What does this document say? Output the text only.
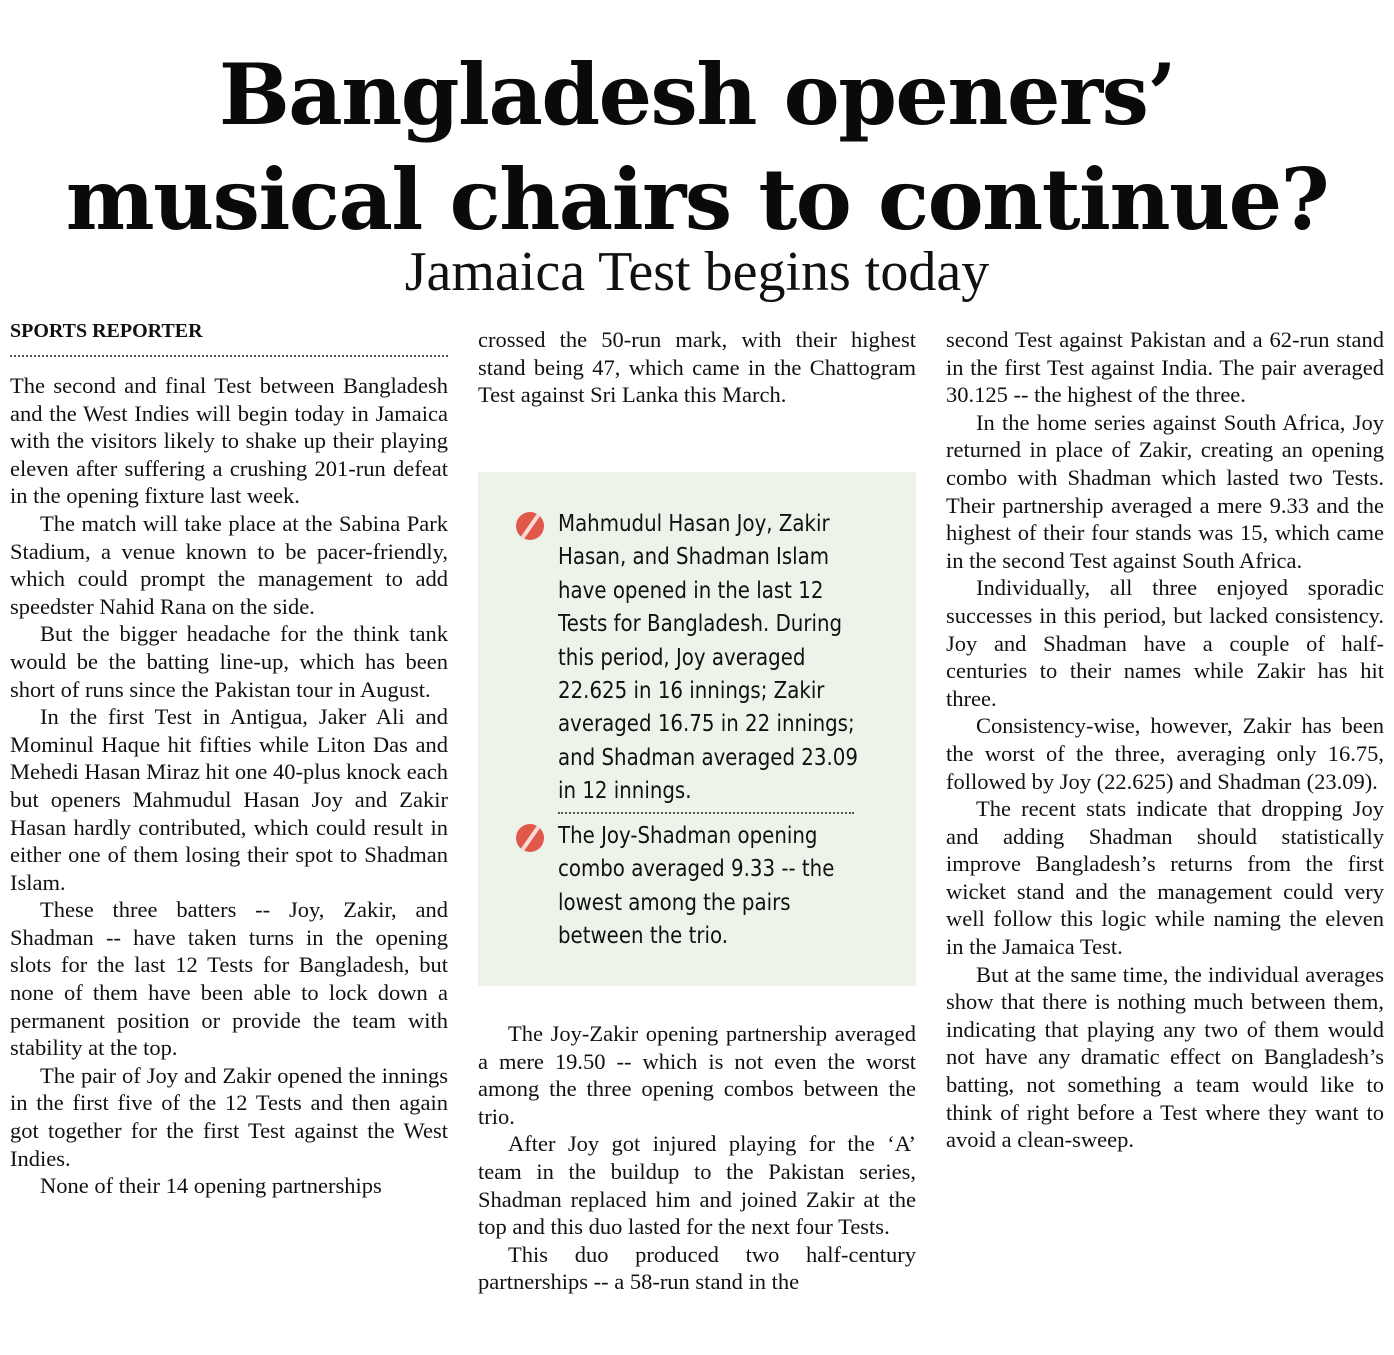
Bangladesh openers’
musical chairs to continue?
Jamaica Test begins today
SPORTS REPORTER

The second and final Test between Bangladesh and the West Indies will begin today in Jamaica with the visitors likely to shake up their playing eleven after suffering a crushing 201-run defeat in the opening fixture last week.

The match will take place at the Sabina Park Stadium, a venue known to be pacer-friendly, which could prompt the management to add speedster Nahid Rana on the side.

But the bigger headache for the think tank would be the batting line-up, which has been short of runs since the Pakistan tour in August.

In the first Test in Antigua, Jaker Ali and Mominul Haque hit fifties while Liton Das and Mehedi Hasan Miraz hit one 40-plus knock each but openers Mahmudul Hasan Joy and Zakir Hasan hardly contributed, which could result in either one of them losing their spot to Shadman Islam.

These three batters -- Joy, Zakir, and Shadman -- have taken turns in the opening slots for the last 12 Tests for Bangladesh, but none of them have been able to lock down a permanent position or provide the team with stability at the top.

The pair of Joy and Zakir opened the innings in the first five of the 12 Tests and then again got together for the first Test against the West Indies.

None of their 14 opening partnerships

crossed the 50-run mark, with their highest stand being 47, which came in the Chattogram Test against Sri Lanka this March.

Mahmudul Hasan Joy, Zakir Hasan, and Shadman Islam have opened in the last 12 Tests for Bangladesh. During this period, Joy averaged 22.625 in 16 innings; Zakir averaged 16.75 in 22 innings; and Shadman averaged 23.09 in 12 innings.
The Joy-Shadman opening combo averaged 9.33 -- the lowest among the pairs between the trio.

The Joy-Zakir opening partnership averaged a mere 19.50 -- which is not even the worst among the three opening combos between the trio.

After Joy got injured playing for the ‘A’ team in the buildup to the Pakistan series, Shadman replaced him and joined Zakir at the top and this duo lasted for the next four Tests.

This duo produced two half-century partnerships -- a 58-run stand in the

second Test against Pakistan and a 62-run stand in the first Test against India. The pair averaged 30.125 -- the highest of the three.

In the home series against South Africa, Joy returned in place of Zakir, creating an opening combo with Shadman which lasted two Tests. Their partnership averaged a mere 9.33 and the highest of their four stands was 15, which came in the second Test against South Africa.

Individually, all three enjoyed sporadic successes in this period, but lacked consistency. Joy and Shadman have a couple of half-centuries to their names while Zakir has hit three.

Consistency-wise, however, Zakir has been the worst of the three, averaging only 16.75, followed by Joy (22.625) and Shadman (23.09).

The recent stats indicate that dropping Joy and adding Shadman should statistically improve Bangladesh’s returns from the first wicket stand and the management could very well follow this logic while naming the eleven in the Jamaica Test.

But at the same time, the individual averages show that there is nothing much between them, indicating that playing any two of them would not have any dramatic effect on Bangladesh’s batting, not something a team would like to think of right before a Test where they want to avoid a clean-sweep.
